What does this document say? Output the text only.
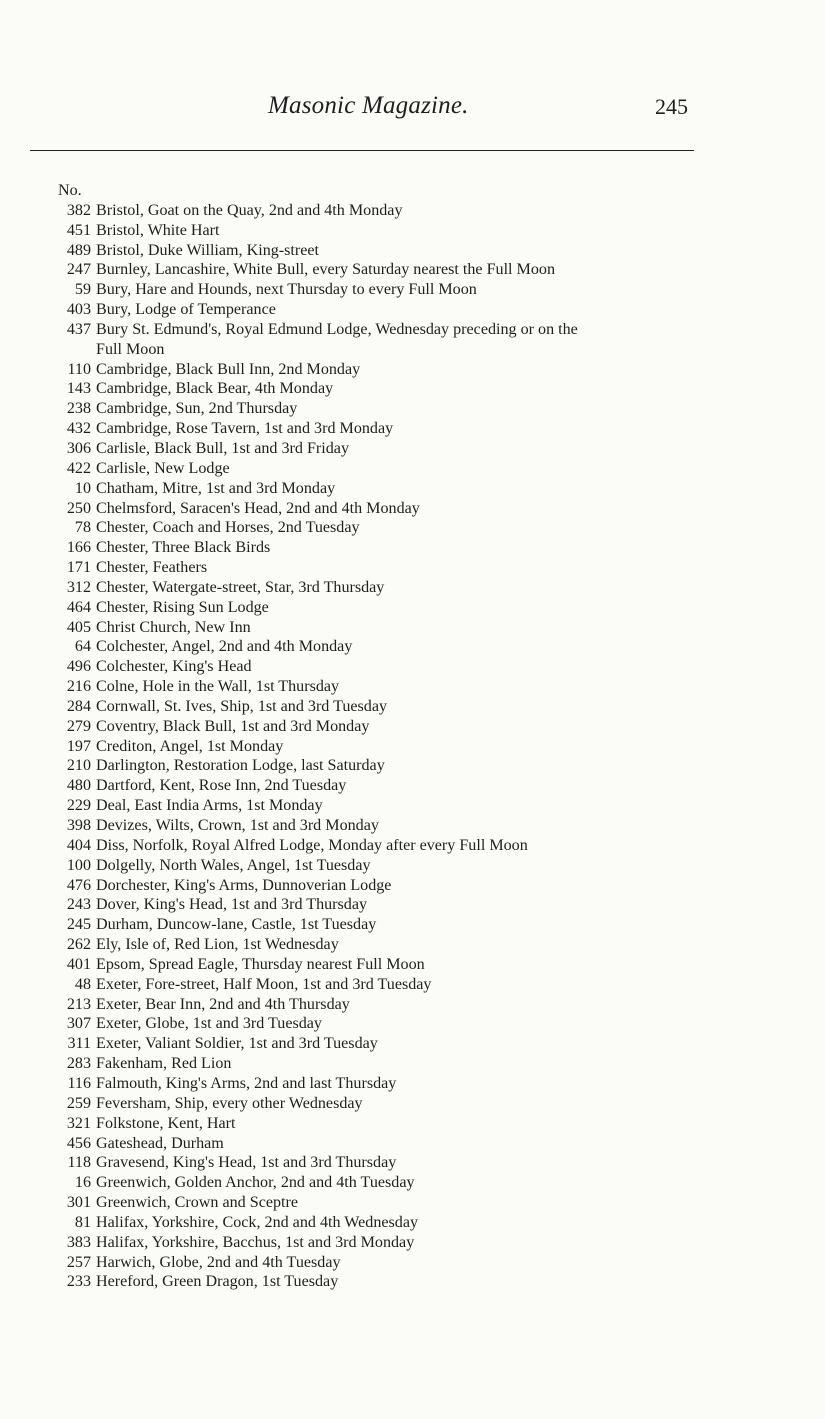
Masonic Magazine.	245
No.
382 Bristol, Goat on the Quay, 2nd and 4th Monday
451 Bristol, White Hart
489 Bristol, Duke William, King-street
247 Burnley, Lancashire, White Bull, every Saturday nearest the Full Moon
59 Bury, Hare and Hounds, next Thursday to every Full Moon
403 Bury, Lodge of Temperance
437 Bury St. Edmund's, Royal Edmund Lodge, Wednesday preceding or on the
Full Moon
110 Cambridge, Black Bull Inn, 2nd Monday
143 Cambridge, Black Bear, 4th Monday
238 Cambridge, Sun, 2nd Thursday
432 Cambridge, Rose Tavern, 1st and 3rd Monday
306 Carlisle, Black Bull, 1st and 3rd Friday
422 Carlisle, New Lodge
10 Chatham, Mitre, 1st and 3rd Monday
250 Chelmsford, Saracen's Head, 2nd and 4th Monday
78 Chester, Coach and Horses, 2nd Tuesday
166 Chester, Three Black Birds
171 Chester, Feathers
312 Chester, Watergate-street, Star, 3rd Thursday
464 Chester, Rising Sun Lodge
405 Christ Church, New Inn
64 Colchester, Angel, 2nd and 4th Monday
496 Colchester, King's Head
216 Colne, Hole in the Wall, 1st Thursday
284 Cornwall, St. Ives, Ship, 1st and 3rd Tuesday
279 Coventry, Black Bull, 1st and 3rd Monday
197 Crediton, Angel, 1st Monday
210 Darlington, Restoration Lodge, last Saturday
480 Dartford, Kent, Rose Inn, 2nd Tuesday
229 Deal, East India Arms, 1st Monday
398 Devizes, Wilts, Crown, 1st and 3rd Monday
404 Diss, Norfolk, Royal Alfred Lodge, Monday after every Full Moon
100 Dolgelly, North Wales, Angel, 1st Tuesday
476 Dorchester, King's Arms, Dunnoverian Lodge
243 Dover, King's Head, 1st and 3rd Thursday
245 Durham, Duncow-lane, Castle, 1st Tuesday
262 Ely, Isle of, Red Lion, 1st Wednesday
401 Epsom, Spread Eagle, Thursday nearest Full Moon
48 Exeter, Fore-street, Half Moon, 1st and 3rd Tuesday
213 Exeter, Bear Inn, 2nd and 4th Thursday
307 Exeter, Globe, 1st and 3rd Tuesday
311 Exeter, Valiant Soldier, 1st and 3rd Tuesday
283 Fakenham, Red Lion
116 Falmouth, King's Arms, 2nd and last Thursday
259 Feversham, Ship, every other Wednesday
321 Folkstone, Kent, Hart
456 Gateshead, Durham
118 Gravesend, King's Head, 1st and 3rd Thursday
16 Greenwich, Golden Anchor, 2nd and 4th Tuesday
301 Greenwich, Crown and Sceptre
81 Halifax, Yorkshire, Cock, 2nd and 4th Wednesday
383 Halifax, Yorkshire, Bacchus, 1st and 3rd Monday
257 Harwich, Globe, 2nd and 4th Tuesday
233 Hereford, Green Dragon, 1st Tuesday
